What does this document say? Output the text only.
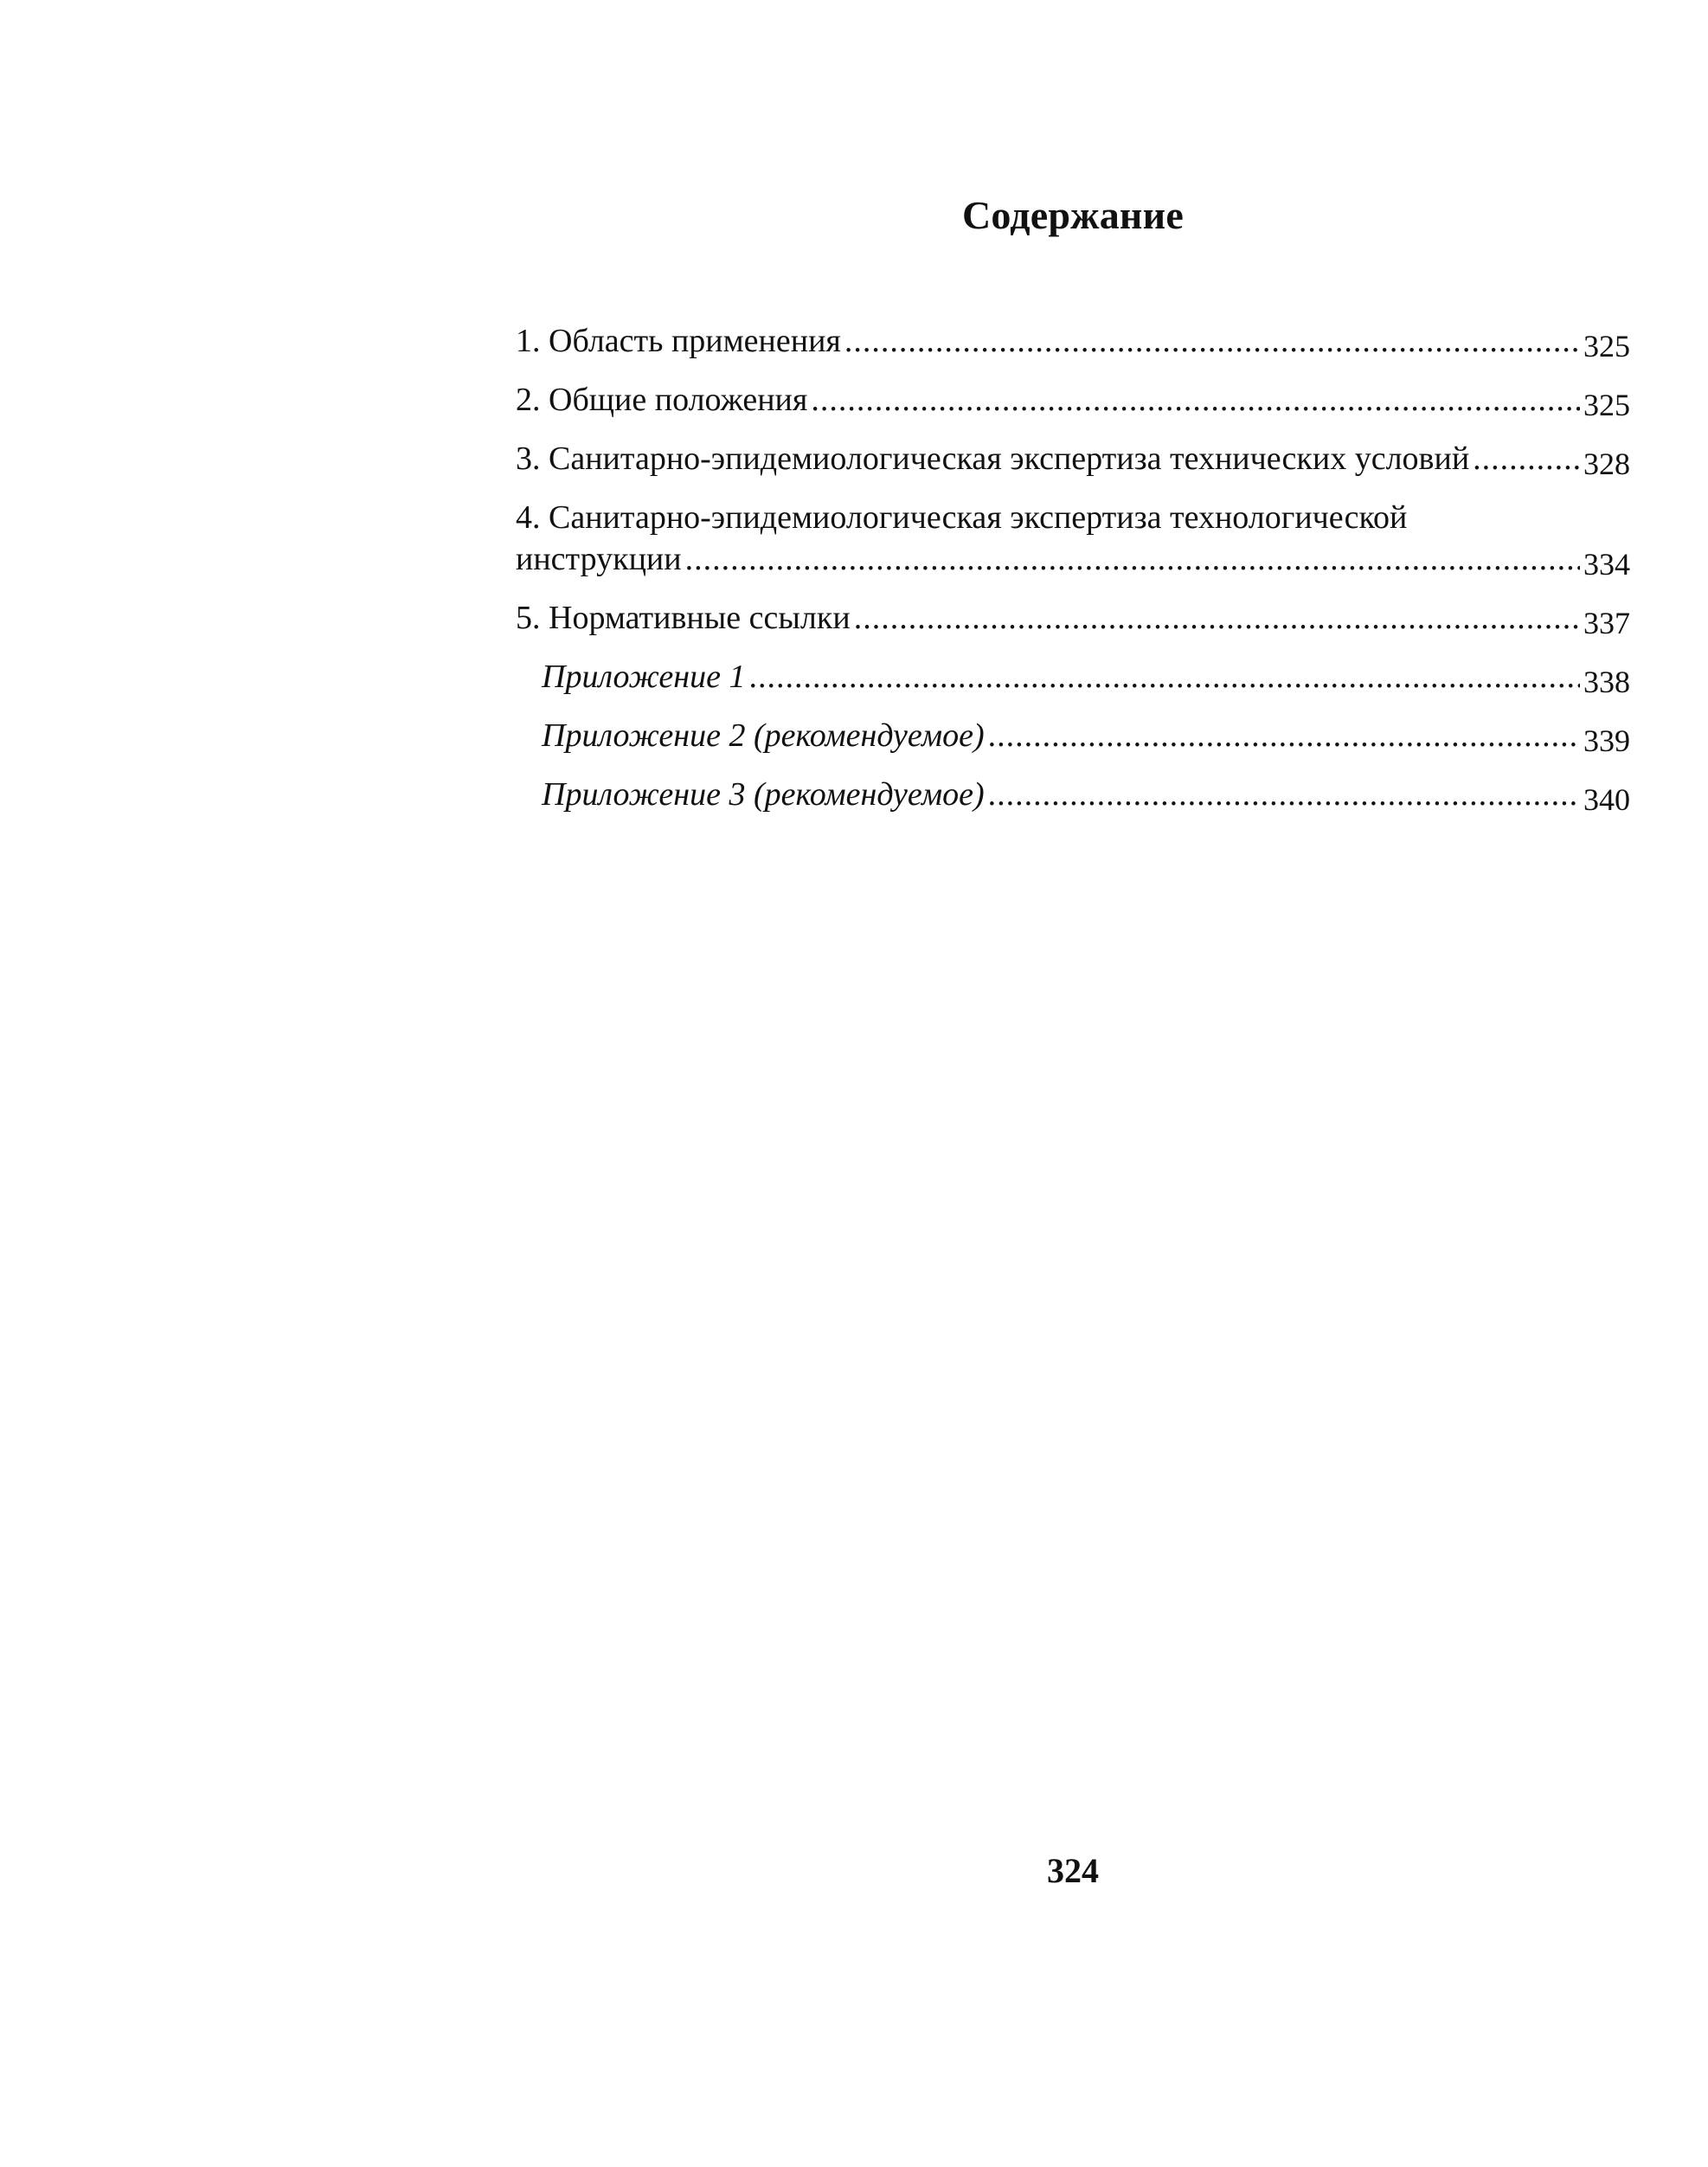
Содержание
1. Область применения .....	325
2. Общие положения .....	325
3. Санитарно-эпидемиологическая экспертиза технических условий .....	328
4. Санитарно-эпидемиологическая экспертиза технологической
инструкции .....	334
5. Нормативные ссылки .....	337
Приложение 1 .....	338
Приложение 2 (рекомендуемое) .....	339
Приложение 3 (рекомендуемое) .....	340
324
